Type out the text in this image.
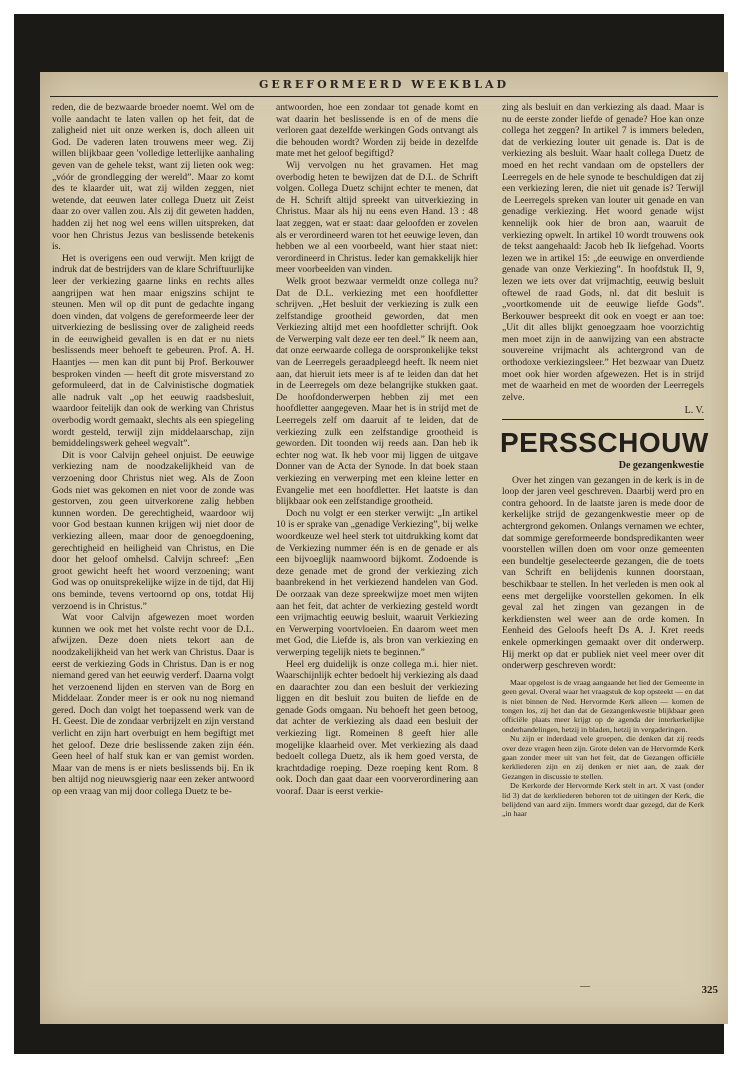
GEREFORMEERD WEEKBLAD

reden, die de bezwaarde broeder noemt. Wel om de volle aandacht te laten vallen op het feit, dat de zaligheid niet uit onze werken is, doch alleen uit God. De vaderen laten trouwens meer weg. Zij willen blijkbaar geen 'volledige letterlijke aanhaling geven van de gehele tekst, want zij lieten ook weg: „vóór de grondlegging der wereld”. Maar zo komt des te klaarder uit, wat zij wilden zeggen, niet wetende, dat eeuwen later collega Duetz uit Zeist daar zo over vallen zou. Als zij dit geweten hadden, hadden zij het nog wel eens willen uitspreken, dat voor hen Christus Jezus van beslissende betekenis is.

Het is overigens een oud verwijt. Men krijgt de indruk dat de bestrijders van de klare Schriftuurlijke leer der verkiezing gaarne links en rechts alles aangrijpen wat hen maar enigszins schijnt te steunen. Men wil op dit punt de gedachte ingang doen vinden, dat volgens de gereformeerde leer der uitverkiezing de beslissing over de zaligheid reeds in de eeuwigheid gevallen is en dat er nu niets beslissends meer behoeft te gebeuren. Prof. A. H. Haantjes — men kan dit punt bij Prof. Berkouwer besproken vinden — heeft dit grote misverstand zo geformuleerd, dat in de Calvinistische dogmatiek alle nadruk valt „op het eeuwig raadsbesluit, waardoor feitelijk dan ook de werking van Christus overbodig wordt gemaakt, slechts als een spiegeling wordt gesteld, terwijl zijn middelaarschap, zijn bemiddelingswerk geheel wegvalt”.

Dit is voor Calvijn geheel onjuist. De eeuwige verkiezing nam de noodzakelijkheid van de verzoening door Christus niet weg. Als de Zoon Gods niet was gekomen en niet voor de zonde was gestorven, zou geen uitverkorene zalig hebben kunnen worden. De gerechtigheid, waardoor wij voor God bestaan kunnen krijgen wij niet door de verkiezing alleen, maar door de genoegdoening, gerechtigheid en heiligheid van Christus, en Die door het geloof omhelsd. Calvijn schreef: „Een groot gewicht heeft het woord verzoening; want God was op onuitsprekelijke wijze in de tijd, dat Hij ons beminde, tevens vertoornd op ons, totdat Hij verzoend is in Christus.”

Wat voor Calvijn afgewezen moet worden kunnen we ook met het volste recht voor de D.L. afwijzen. Deze doen niets tekort aan de noodzakelijkheid van het werk van Christus. Daar is eerst de verkiezing Gods in Christus. Dan is er nog niemand gered van het eeuwig verderf. Daarna volgt het verzoenend lijden en sterven van de Borg en Middelaar. Zonder meer is er ook nu nog niemand gered. Doch dan volgt het toepassend werk van de H. Geest. Die de zondaar verbrijzelt en zijn verstand verlicht en zijn hart overbuigt en hem begiftigt met het geloof. Deze drie beslissende zaken zijn één. Geen heel of half stuk kan er van gemist worden. Maar van de mens is er niets beslissends bij. En ik ben altijd nog nieuwsgierig naar een zeker antwoord op een vraag van mij door collega Duetz te be-

antwoorden, hoe een zondaar tot genade komt en wat daarin het beslissende is en of de mens die verloren gaat dezelfde werkingen Gods ontvangt als die behouden wordt? Worden zij beide in dezelfde mate met het geloof begiftigd?

Wij vervolgen nu het gravamen. Het mag overbodig heten te bewijzen dat de D.L. de Schrift volgen. Collega Duetz schijnt echter te menen, dat de H. Schrift altijd spreekt van uitverkiezing in Christus. Maar als hij nu eens even Hand. 13 : 48 laat zeggen, wat er staat: daar geloofden er zovelen als er verordineerd waren tot het eeuwige leven, dan hebben we al een voorbeeld, want hier staat niet: verordineerd in Christus. Ieder kan gemakkelijk hier meer voorbeelden van vinden.

Welk groot bezwaar vermeldt onze collega nu? Dat de D.L. verkiezing met een hoofdletter schrijven. „Het besluit der verkiezing is zulk een zelfstandige grootheid geworden, dat men Verkiezing altijd met een hoofdletter schrijft. Ook de Verwerping valt deze eer ten deel.” Ik neem aan, dat onze eerwaarde collega de oorspronkelijke tekst van de Leerregels geraadpleegd heeft. Ik neem niet aan, dat hieruit iets meer is af te leiden dan dat het in de Leerregels om deze belangrijke stukken gaat. De hoofdonderwerpen hebben zij met een hoofdletter aangegeven. Maar het is in strijd met de Leerregels zelf om daaruit af te leiden, dat de verkiezing zulk een zelfstandige grootheid is geworden. Dit toonden wij reeds aan. Dan heb ik echter nog wat. Ik heb voor mij liggen de uitgave Donner van de Acta der Synode. In dat boek staan verkiezing en verwerping met een kleine letter en Evangelie met een hoofdletter. Het laatste is dan blijkbaar ook een zelfstandige grootheid.

Doch nu volgt er een sterker verwijt: „In artikel 10 is er sprake van „genadige Verkiezing”, bij welke woordkeuze wel heel sterk tot uitdrukking komt dat de Verkiezing nummer één is en de genade er als een bijvoeglijk naamwoord bijkomt. Zodoende is deze genade met de grond der verkiezing zich baanbrekend in het verkiezend handelen van God. De oorzaak van deze spreekwijze moet men wijten aan het feit, dat achter de verkiezing gesteld wordt een vrijmachtig eeuwig besluit, waaruit Verkiezing en Verwerping voortvloeien. En daarom weet men met God, die Liefde is, als bron van verkiezing en verwerping tegelijk niets te beginnen.”

Heel erg duidelijk is onze collega m.i. hier niet. Waarschijnlijk echter bedoelt hij verkiezing als daad en daarachter zou dan een besluit der verkiezing liggen en dit besluit zou buiten de liefde en de genade Gods omgaan. Nu behoeft het geen betoog, dat achter de verkiezing als daad een besluit der verkiezing ligt. Romeinen 8 geeft hier alle mogelijke klaarheid over. Met verkiezing als daad bedoelt collega Duetz, als ik hem goed versta, de krachtdadige roeping. Deze roeping kent Rom. 8 ook. Doch dan gaat daar een voorverordinering aan vooraf. Daar is eerst verkie-

zing als besluit en dan verkiezing als daad. Maar is nu de eerste zonder liefde of genade? Hoe kan onze collega het zeggen? In artikel 7 is immers beleden, dat de verkiezing louter uit genade is. Dat is de verkiezing als besluit. Waar haalt collega Duetz de moed en het recht vandaan om de opstellers der Leerregels en de hele synode te beschuldigen dat zij een verkiezing leren, die niet uit genade is? Terwijl de Leerregels spreken van louter uit genade en van genadige verkiezing. Het woord genade wijst kennelijk ook hier de bron aan, waaruit de verkiezing opwelt. In artikel 10 wordt trouwens ook de tekst aangehaald: Jacob heb Ik liefgehad. Voorts lezen we in artikel 15: „de eeuwige en onverdiende genade van onze Verkiezing”. In hoofdstuk II, 9, lezen we iets over dat vrijmachtig, eeuwig besluit oftewel de raad Gods, nl. dat dit besluit is „voortkomende uit de eeuwige liefde Gods”. Berkouwer bespreekt dit ook en voegt er aan toe: „Uit dit alles blijkt genoegzaam hoe voorzichtig men moet zijn in de aanwijzing van een abstracte souvereine vrijmacht als achtergrond van de orthodoxe verkiezingsleer.” Het bezwaar van Duetz moet ook hier worden afgewezen. Het is in strijd met de waarheid en met de woorden der Leerregels zelve.

L. V.
PERSSCHOUW
De gezangenkwestie

Over het zingen van gezangen in de kerk is in de loop der jaren veel geschreven. Daarbij werd pro en contra gehoord. In de laatste jaren is mede door de kerkelijke strijd de gezangenkwestie meer op de achtergrond gekomen. Onlangs vernamen we echter, dat sommige gereformeerde bondspredikanten weer voorstellen willen doen om voor onze gemeenten een bundeltje geselecteerde gezangen, die de toets van Schrift en belijdenis kunnen doorstaan, beschikbaar te stellen. In het verleden is men ook al eens met dergelijke voorstellen gekomen. In elk geval zal het zingen van gezangen in de kerkdiensten wel weer aan de orde komen. In Eenheid des Geloofs heeft Ds A. J. Kret reeds enkele opmerkingen gemaakt over dit onderwerp. Hij merkt op dat er publiek niet veel meer over dit onderwerp geschreven wordt:

Maar opgelost is de vraag aangaande het lied der Gemeente in geen geval. Overal waar het vraagstuk de kop opsteekt — en dat is niet binnen de Ned. Hervormde Kerk alleen — komen de tongen los, zij het dan dat de Gezangenkwestie blijkbaar geen officiële plaats meer krijgt op de agenda der interkerkelijke onderhandelingen, hetzij in bladen, hetzij in vergaderingen.

Nu zijn er inderdaad vele groepen, die denken dat zij reeds over deze vragen heen zijn. Grote delen van de Hervormde Kerk gaan zonder meer uit van het feit, dat de Gezangen officiële kerkliederen zijn en zij denken er niet aan, de zaak der Gezangen in discussie te stellen.

De Kerkorde der Hervormde Kerk stelt in art. X vast (onder lid 3) dat de kerkliederen behoren tot de uitingen der Kerk, die belijdend van aard zijn. Immers wordt daar gezegd, dat de Kerk „in haar

—	325
